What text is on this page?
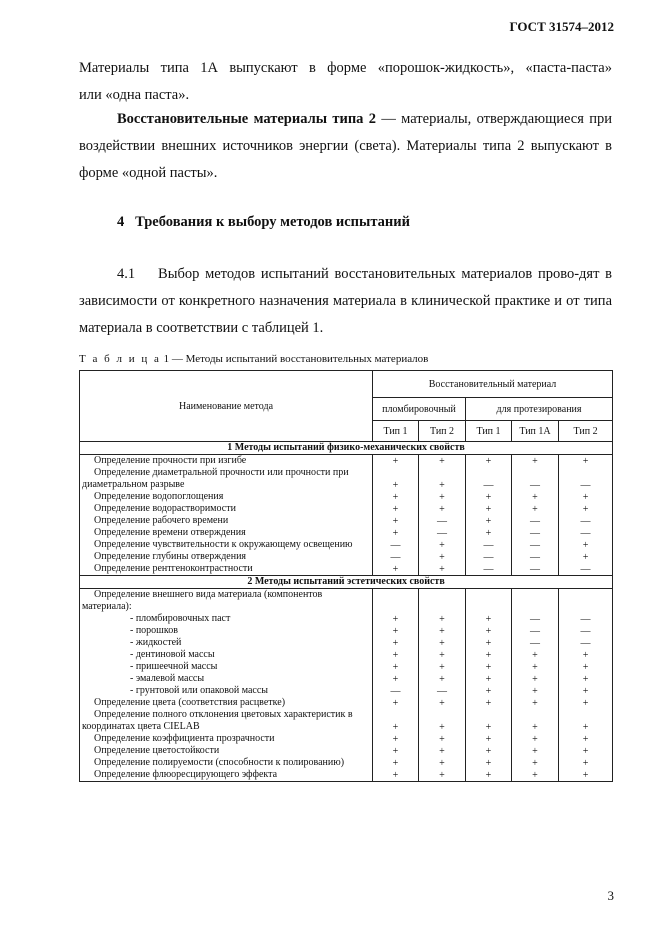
ГОСТ 31574–2012
Материалы типа 1А выпускают в форме «порошок-жидкость», «паста-паста»
или «одна паста».
Восстановительные материалы типа 2 — материалы, отверждающиеся при воздействии внешних источников энергии (света). Материалы типа 2 выпускают в форме «одной пасты».
4   Требования к выбору методов испытаний
4.1 Выбор методов испытаний восстановительных материалов прово-дят в зависимости от конкретного назначения материала в клинической практике и от типа материала в соответствии с таблицей 1.
Т а б л и ц а 1 — Методы испытаний восстановительных материалов
Наименование метода	Восстановительный материал				
	пломбировочный		для протезирования		
	Тип 1	Тип 2	Тип 1	Тип 1А	Тип 2
1 Методы испытаний физико-механических свойств					
Определение прочности при изгибе	+	+	+	+	+
Определение диаметральной прочности или прочности при диаметральном разрыве	+	+	—	—	—
Определение водопоглощения	+	+	+	+	+
Определение водорастворимости	+	+	+	+	+
Определение рабочего времени	+	—	+	—	—
Определение времени отверждения	+	—	+	—	—
Определение чувствительности к окружающему освещению	—	+	—	—	+
Определение глубины отверждения	—	+	—	—	+
Определение рентгеноконтрастности	+	+	—	—	—
2 Методы испытаний эстетических свойств					
Определение внешнего вида материала (компонентов материала):					
- пломбировочных паст	+	+	+	—	—
- порошков	+	+	+	—	—
- жидкостей	+	+	+	—	—
- дентиновой массы	+	+	+	+	+
- пришеечной массы	+	+	+	+	+
- эмалевой массы	+	+	+	+	+
- грунтовой или опаковой массы	—	—	+	+	+
Определение цвета (соответствия расцветке)	+	+	+	+	+
Определение полного отклонения цветовых характеристик в координатах цвета CIELAB	+	+	+	+	+
Определение коэффициента прозрачности	+	+	+	+	+
Определение цветостойкости	+	+	+	+	+
Определение полируемости (способности к полированию)	+	+	+	+	+
Определение флюоресцирующего эффекта	+	+	+	+	+
3
